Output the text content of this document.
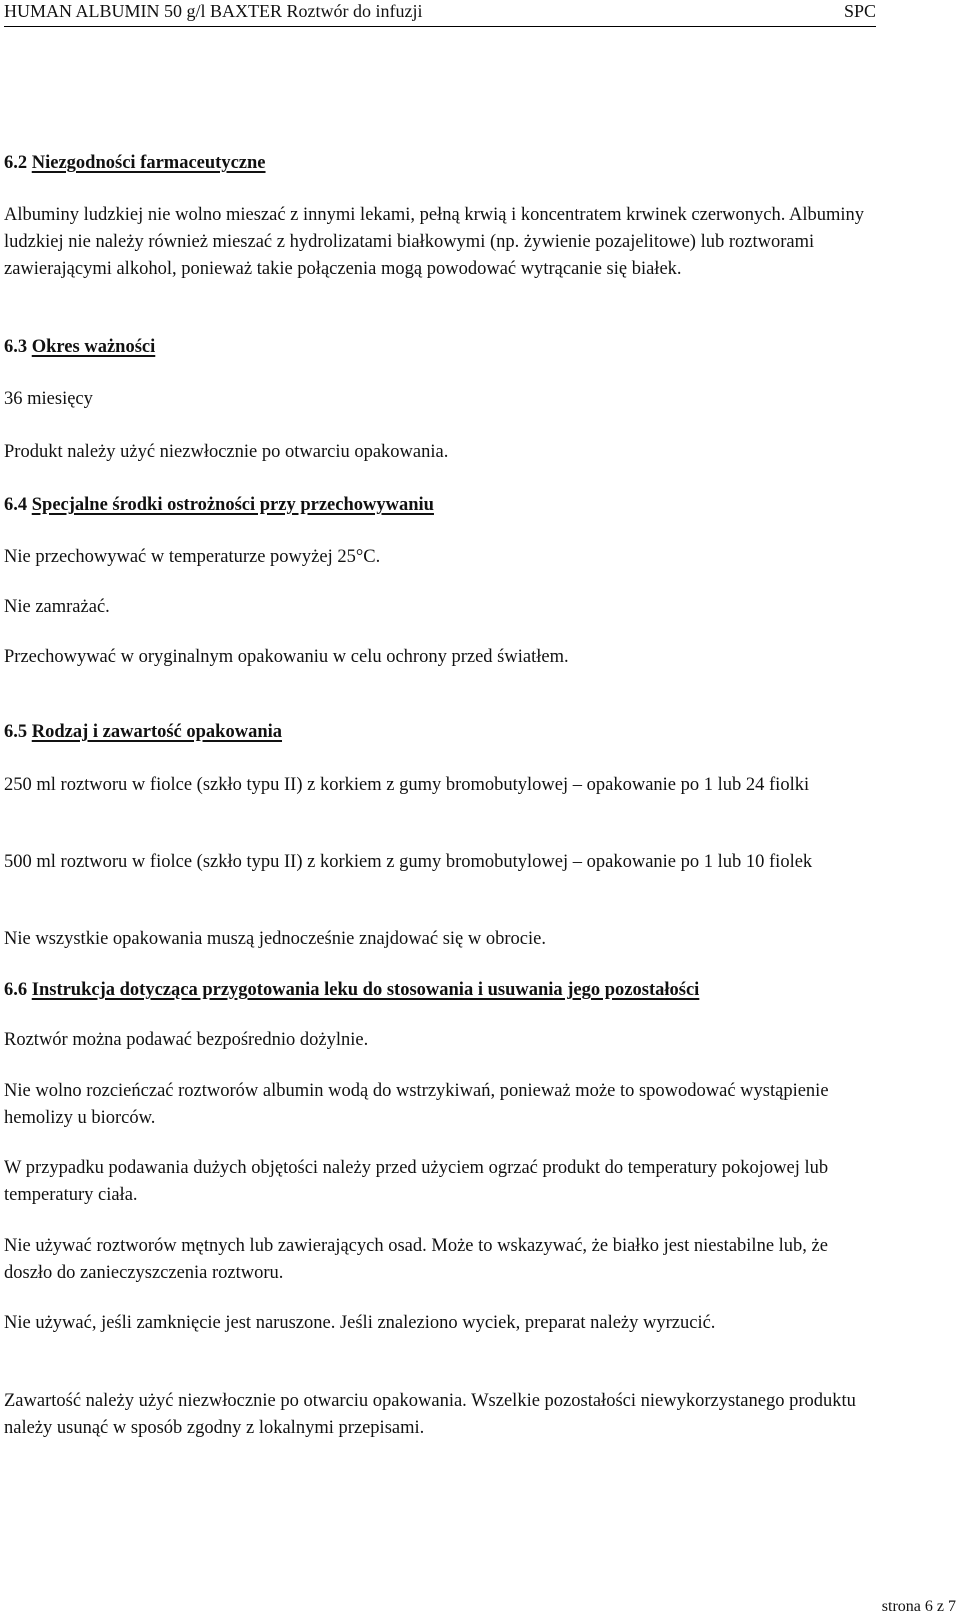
HUMAN ALBUMIN 50 g/l BAXTER Roztwór do infuzji	SPC
6.2 Niezgodności farmaceutyczne

Albuminy ludzkiej nie wolno mieszać z innymi lekami, pełną krwią i koncentratem krwinek czerwonych. Albuminy ludzkiej nie należy również mieszać z hydrolizatami białkowymi (np. żywienie pozajelitowe) lub roztworami zawierającymi alkohol, ponieważ takie połączenia mogą powodować wytrącanie się białek.

6.3 Okres ważności

36 miesięcy

Produkt należy użyć niezwłocznie po otwarciu opakowania.

6.4 Specjalne środki ostrożności przy przechowywaniu

Nie przechowywać w temperaturze powyżej 25°C.

Nie zamrażać.

Przechowywać w oryginalnym opakowaniu w celu ochrony przed światłem.

6.5 Rodzaj i zawartość opakowania

250 ml roztworu w fiolce (szkło typu II) z korkiem z gumy bromobutylowej – opakowanie po 1 lub 24 fiolki

500 ml roztworu w fiolce (szkło typu II) z korkiem z gumy bromobutylowej – opakowanie po 1 lub 10 fiolek

Nie wszystkie opakowania muszą jednocześnie znajdować się w obrocie.

6.6 Instrukcja dotycząca przygotowania leku do stosowania i usuwania jego pozostałości

Roztwór można podawać bezpośrednio dożylnie.

Nie wolno rozcieńczać roztworów albumin wodą do wstrzykiwań, ponieważ może to spowodować wystąpienie hemolizy u biorców.

W przypadku podawania dużych objętości należy przed użyciem ogrzać produkt do temperatury pokojowej lub temperatury ciała.

Nie używać roztworów mętnych lub zawierających osad. Może to wskazywać, że białko jest niestabilne lub, że doszło do zanieczyszczenia roztworu.

Nie używać, jeśli zamknięcie jest naruszone. Jeśli znaleziono wyciek, preparat należy wyrzucić.

Zawartość należy użyć niezwłocznie po otwarciu opakowania. Wszelkie pozostałości niewykorzystanego produktu należy usunąć w sposób zgodny z lokalnymi przepisami.

strona 6 z 7
